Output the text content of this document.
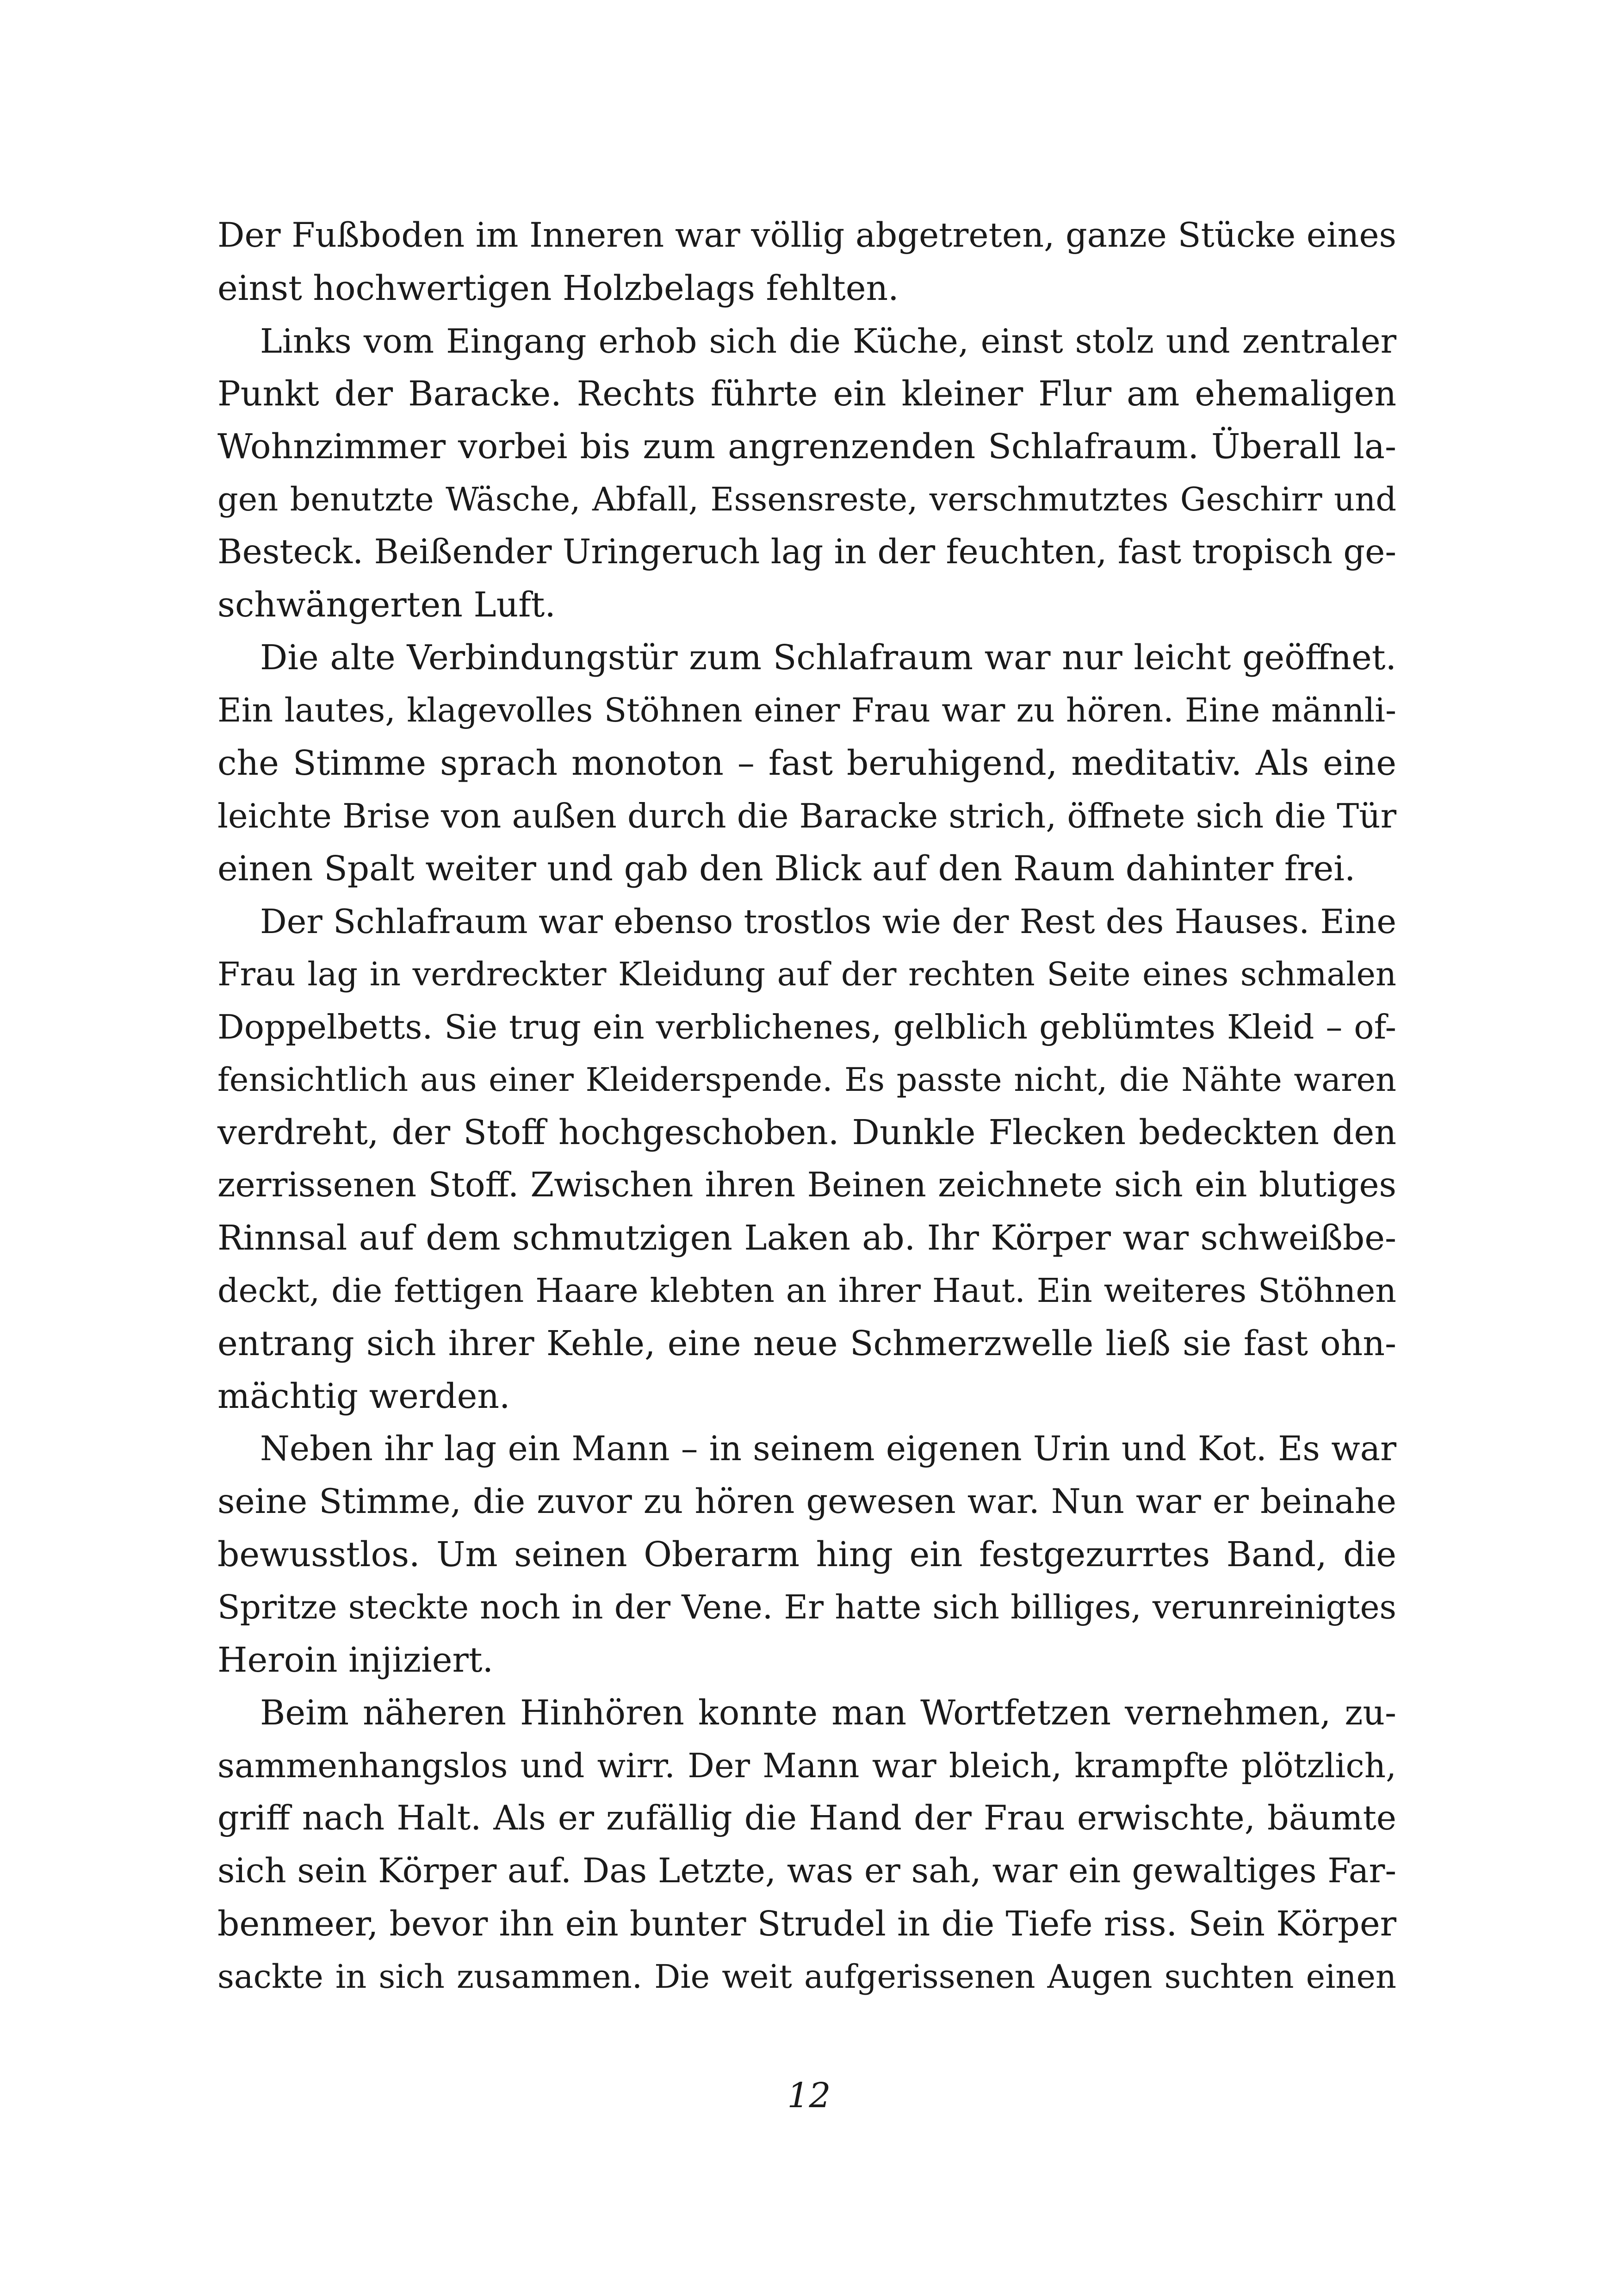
Der Fußboden im Inneren war völlig abgetreten, ganze Stücke eines
einst hochwertigen Holzbelags fehlten.
Links vom Eingang erhob sich die Küche, einst stolz und zentraler
Punkt der Baracke. Rechts führte ein kleiner Flur am ehemaligen
Wohnzimmer vorbei bis zum angrenzenden Schlafraum. Überall la-
gen benutzte Wäsche, Abfall, Essensreste, verschmutztes Geschirr und
Besteck. Beißender Uringeruch lag in der feuchten, fast tropisch ge-
schwängerten Luft.
Die alte Verbindungstür zum Schlafraum war nur leicht geöffnet.
Ein lautes, klagevolles Stöhnen einer Frau war zu hören. Eine männli-
che Stimme sprach monoton – fast beruhigend, meditativ. Als eine
leichte Brise von außen durch die Baracke strich, öffnete sich die Tür
einen Spalt weiter und gab den Blick auf den Raum dahinter frei.
Der Schlafraum war ebenso trostlos wie der Rest des Hauses. Eine
Frau lag in verdreckter Kleidung auf der rechten Seite eines schmalen
Doppelbetts. Sie trug ein verblichenes, gelblich geblümtes Kleid – of-
fensichtlich aus einer Kleiderspende. Es passte nicht, die Nähte waren
verdreht, der Stoff hochgeschoben. Dunkle Flecken bedeckten den
zerrissenen Stoff. Zwischen ihren Beinen zeichnete sich ein blutiges
Rinnsal auf dem schmutzigen Laken ab. Ihr Körper war schweißbe-
deckt, die fettigen Haare klebten an ihrer Haut. Ein weiteres Stöhnen
entrang sich ihrer Kehle, eine neue Schmerzwelle ließ sie fast ohn-
mächtig werden.
Neben ihr lag ein Mann – in seinem eigenen Urin und Kot. Es war
seine Stimme, die zuvor zu hören gewesen war. Nun war er beinahe
bewusstlos. Um seinen Oberarm hing ein festgezurrtes Band, die
Spritze steckte noch in der Vene. Er hatte sich billiges, verunreinigtes
Heroin injiziert.
Beim näheren Hinhören konnte man Wortfetzen vernehmen, zu-
sammenhangslos und wirr. Der Mann war bleich, krampfte plötzlich,
griff nach Halt. Als er zufällig die Hand der Frau erwischte, bäumte
sich sein Körper auf. Das Letzte, was er sah, war ein gewaltiges Far-
benmeer, bevor ihn ein bunter Strudel in die Tiefe riss. Sein Körper
sackte in sich zusammen. Die weit aufgerissenen Augen suchten einen
12
